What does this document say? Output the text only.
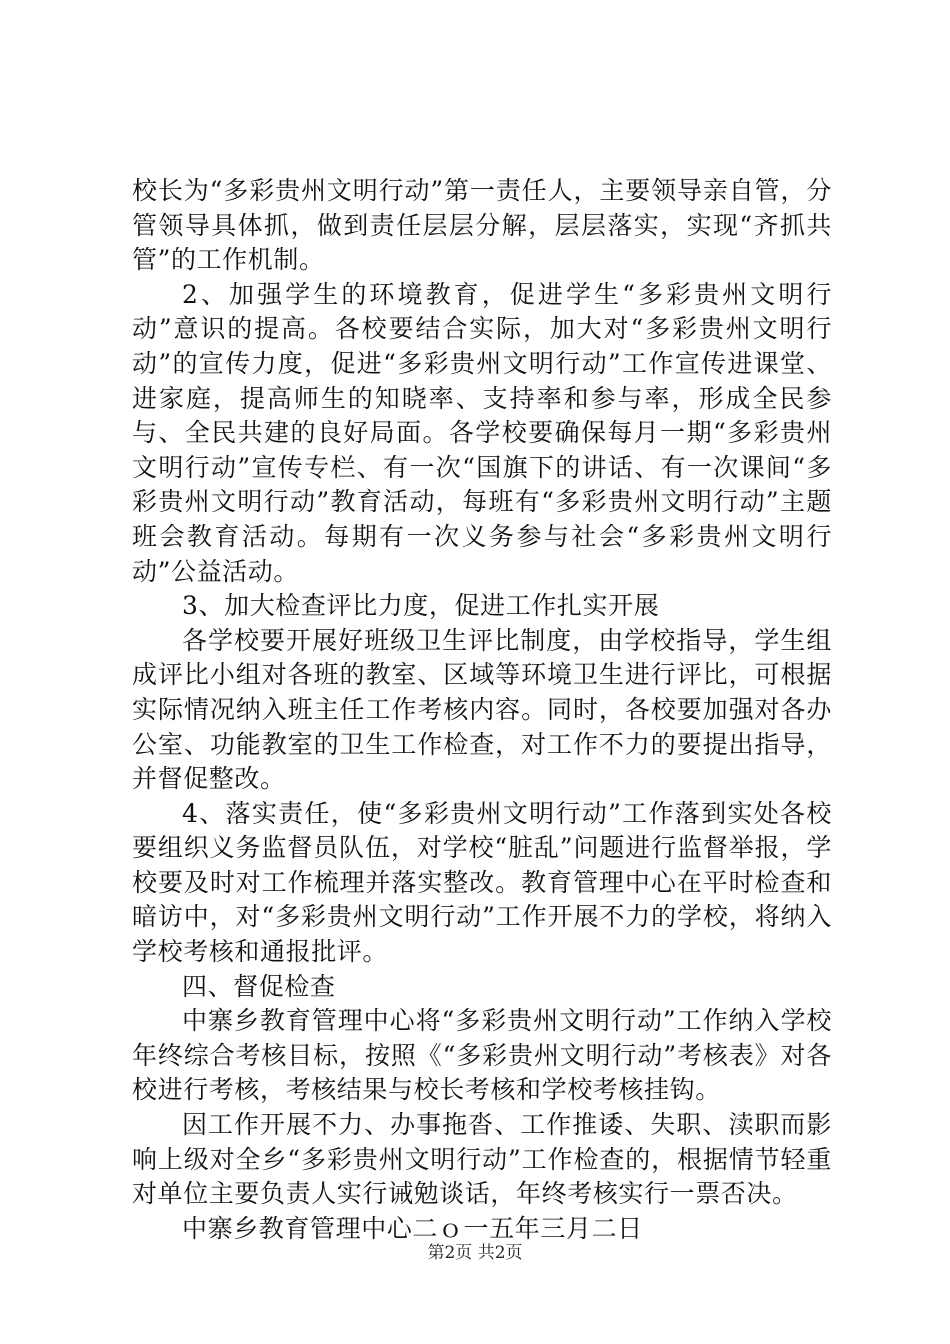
校长为“多彩贵州文明行动”第一责任人，主要领导亲自管，分管领导具体抓，做到责任层层分解，层层落实，实现“齐抓共管”的工作机制。

2、加强学生的环境教育，促进学生“多彩贵州文明行动”意识的提高。各校要结合实际，加大对“多彩贵州文明行动”的宣传力度，促进“多彩贵州文明行动”工作宣传进课堂、进家庭，提高师生的知晓率、支持率和参与率，形成全民参与、全民共建的良好局面。各学校要确保每月一期“多彩贵州文明行动”宣传专栏、有一次“国旗下的讲话、有一次课间“多彩贵州文明行动”教育活动，每班有“多彩贵州文明行动”主题班会教育活动。每期有一次义务参与社会“多彩贵州文明行动”公益活动。

3、加大检查评比力度，促进工作扎实开展

各学校要开展好班级卫生评比制度，由学校指导，学生组成评比小组对各班的教室、区域等环境卫生进行评比，可根据实际情况纳入班主任工作考核内容。同时，各校要加强对各办公室、功能教室的卫生工作检查，对工作不力的要提出指导，并督促整改。

4、落实责任，使“多彩贵州文明行动”工作落到实处各校要组织义务监督员队伍，对学校“脏乱”问题进行监督举报，学校要及时对工作梳理并落实整改。教育管理中心在平时检查和暗访中，对“多彩贵州文明行动”工作开展不力的学校，将纳入学校考核和通报批评。

四、督促检查

中寨乡教育管理中心将“多彩贵州文明行动”工作纳入学校年终综合考核目标，按照《“多彩贵州文明行动”考核表》对各校进行考核，考核结果与校长考核和学校考核挂钩。

因工作开展不力、办事拖沓、工作推诿、失职、渎职而影响上级对全乡“多彩贵州文明行动”工作检查的，根据情节轻重对单位主要负责人实行诫勉谈话，年终考核实行一票否决。

中寨乡教育管理中心二ｏ一五年三月二日

第2页 共2页
